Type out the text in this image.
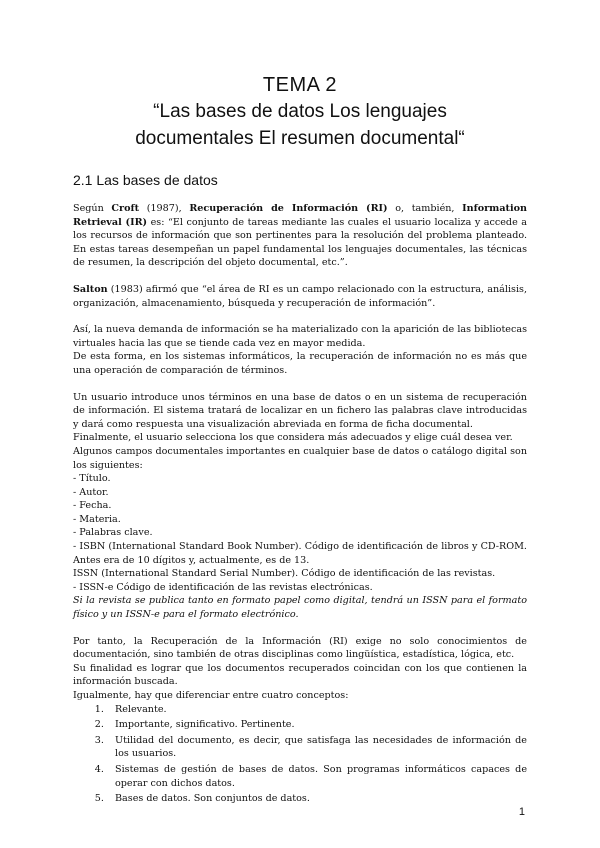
TEMA 2
“Las bases de datos Los lenguajes
documentales El resumen documental“
2.1 Las bases de datos

Según Croft (1987), Recuperación de Información (RI) o, también, Information Retrieval (IR) es: “El conjunto de tareas mediante las cuales el usuario localiza y accede a los recursos de información que son pertinentes para la resolución del problema planteado. En estas tareas desempeñan un papel fundamental los lenguajes documentales, las técnicas de resumen, la descripción del objeto documental, etc.”.

Salton (1983) afirmó que “el área de RI es un campo relacionado con la estructura, análisis, organización, almacenamiento, búsqueda y recuperación de información”.

Así, la nueva demanda de información se ha materializado con la aparición de las bibliotecas virtuales hacia las que se tiende cada vez en mayor medida.

De esta forma, en los sistemas informáticos, la recuperación de información no es más que una operación de comparación de términos.

Un usuario introduce unos términos en una base de datos o en un sistema de recuperación de información. El sistema tratará de localizar en un fichero las palabras clave introducidas y dará como respuesta una visualización abreviada en forma de ficha documental.

Finalmente, el usuario selecciona los que considera más adecuados y elige cuál desea ver.

Algunos campos documentales importantes en cualquier base de datos o catálogo digital son los siguientes:

- Título.
- Autor.
- Fecha.
- Materia.
- Palabras clave.
- ISBN (International Standard Book Number). Código de identificación de libros y CD-ROM. Antes era de 10 dígitos y, actualmente, es de 13.
ISSN (International Standard Serial Number). Código de identificación de las revistas.
- ISSN-e Código de identificación de las revistas electrónicas.

Si la revista se publica tanto en formato papel como digital, tendrá un ISSN para el formato físico y un ISSN-e para el formato electrónico.

Por tanto, la Recuperación de la Información (RI) exige no solo conocimientos de documentación, sino también de otras disciplinas como lingüística, estadística, lógica, etc.

Su finalidad es lograr que los documentos recuperados coincidan con los que contienen la información buscada.

Igualmente, hay que diferenciar entre cuatro conceptos:

1. Relevante.
2. Importante, significativo. Pertinente.
3. Utilidad del documento, es decir, que satisfaga las necesidades de información de los usuarios.
4. Sistemas de gestión de bases de datos. Son programas informáticos capaces de operar con dichos datos.
5. Bases de datos. Son conjuntos de datos.
1
